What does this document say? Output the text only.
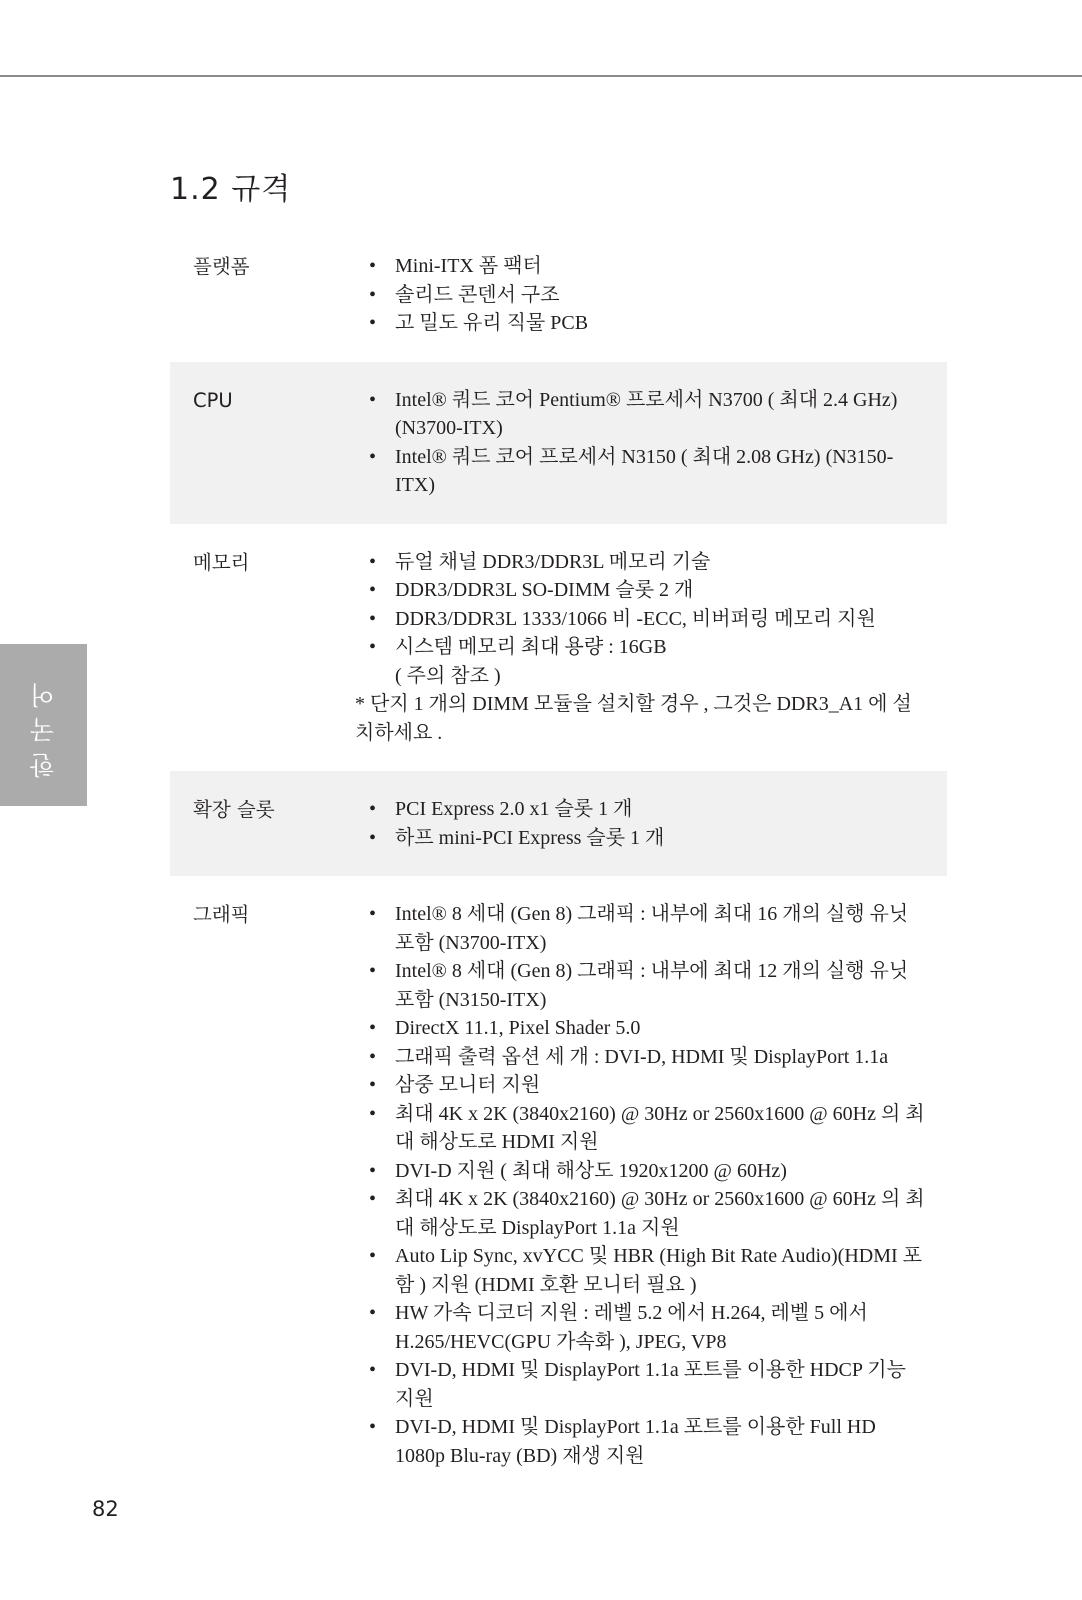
1.2 규격
플랫폼	• Mini-ITX 폼 팩터
• 솔리드 콘덴서 구조
• 고 밀도 유리 직물 PCB
CPU	• Intel® 쿼드 코어 Pentium® 프로세서 N3700 ( 최대 2.4 GHz) (N3700-ITX)
• Intel® 쿼드 코어 프로세서 N3150 ( 최대 2.08 GHz) (N3150-ITX)
메모리	• 듀얼 채널 DDR3/DDR3L 메모리 기술
• DDR3/DDR3L SO-DIMM 슬롯 2 개
• DDR3/DDR3L 1333/1066 비 -ECC, 비버퍼링 메모리 지원
• 시스템 메모리 최대 용량 : 16GB
( 주의 참조 )
* 단지 1 개의 DIMM 모듈을 설치할 경우 , 그것은 DDR3_A1 에 설치하세요 .
확장 슬롯	• PCI Express 2.0 x1 슬롯 1 개
• 하프 mini-PCI Express 슬롯 1 개
그래픽	• Intel® 8 세대 (Gen 8) 그래픽 : 내부에 최대 16 개의 실행 유닛 포함 (N3700-ITX)
• Intel® 8 세대 (Gen 8) 그래픽 : 내부에 최대 12 개의 실행 유닛 포함 (N3150-ITX)
• DirectX 11.1, Pixel Shader 5.0
• 그래픽 출력 옵션 세 개 : DVI-D, HDMI 및 DisplayPort 1.1a
• 삼중 모니터 지원
• 최대 4K x 2K (3840x2160) @ 30Hz or 2560x1600 @ 60Hz 의 최대 해상도로 HDMI 지원
• DVI-D 지원 ( 최대 해상도 1920x1200 @ 60Hz)
• 최대 4K x 2K (3840x2160) @ 30Hz or 2560x1600 @ 60Hz 의 최대 해상도로 DisplayPort 1.1a 지원
• Auto Lip Sync, xvYCC 및 HBR (High Bit Rate Audio)(HDMI 포함 ) 지원 (HDMI 호환 모니터 필요 )
• HW 가속 디코더 지원 : 레벨 5.2 에서 H.264, 레벨 5 에서 H.265/HEVC(GPU 가속화 ), JPEG, VP8
• DVI-D, HDMI 및 DisplayPort 1.1a 포트를 이용한 HDCP 기능 지원
• DVI-D, HDMI 및 DisplayPort 1.1a 포트를 이용한 Full HD 1080p Blu-ray (BD) 재생 지원
한국어
82
